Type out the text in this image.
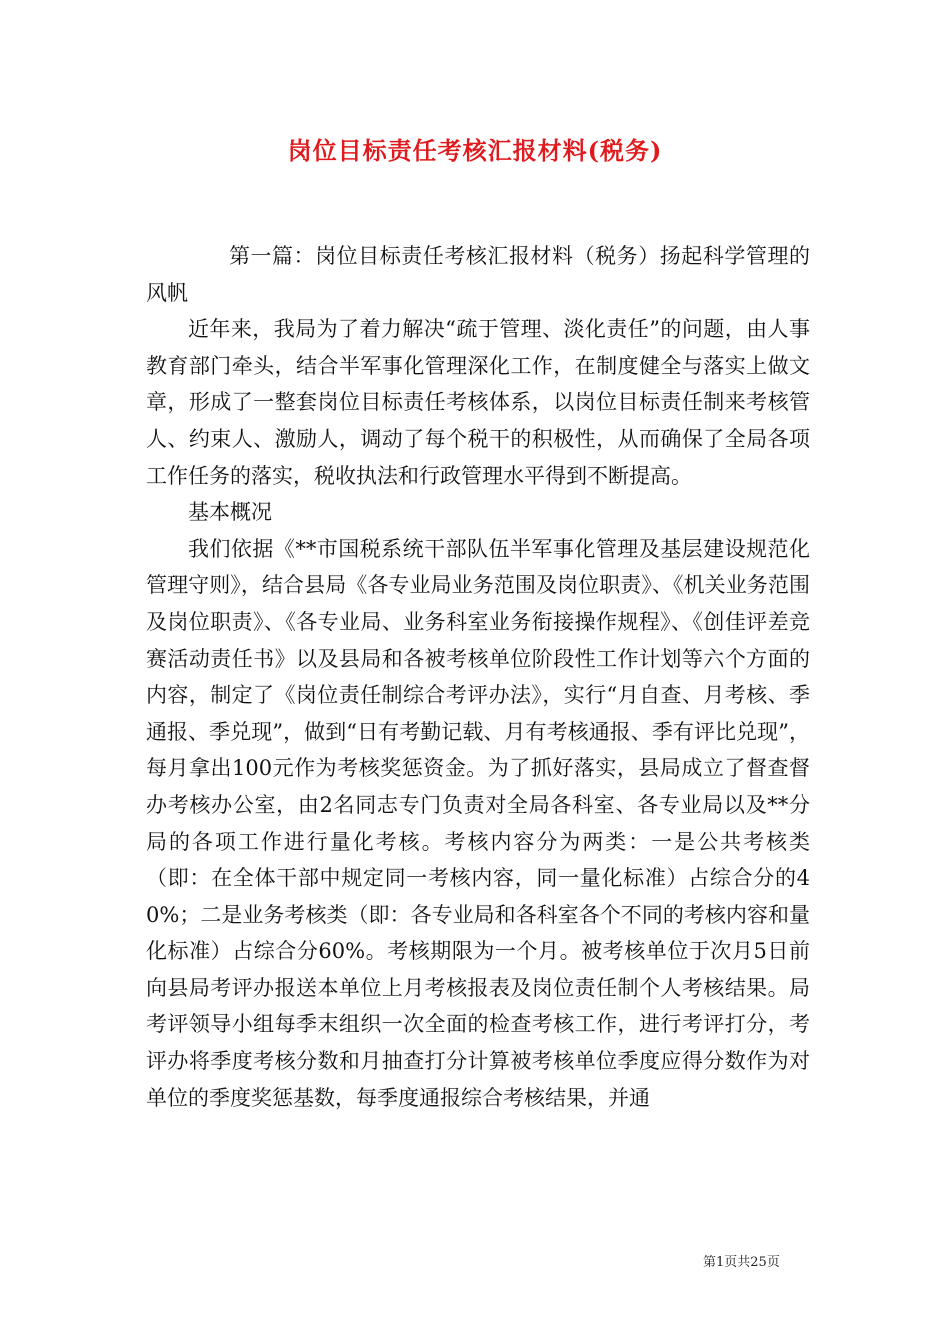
岗位目标责任考核汇报材料(税务)

第一篇：岗位目标责任考核汇报材料（税务）扬起科学管理的风帆

近年来，我局为了着力解决“疏于管理、淡化责任”的问题，由人事教育部门牵头，结合半军事化管理深化工作，在制度健全与落实上做文章，形成了一整套岗位目标责任考核体系，以岗位目标责任制来考核管人、约束人、激励人，调动了每个税干的积极性，从而确保了全局各项工作任务的落实，税收执法和行政管理水平得到不断提高。

基本概况

我们依据《**市国税系统干部队伍半军事化管理及基层建设规范化管理守则》，结合县局《各专业局业务范围及岗位职责》、《机关业务范围及岗位职责》、《各专业局、业务科室业务衔接操作规程》、《创佳评差竞赛活动责任书》以及县局和各被考核单位阶段性工作计划等六个方面的内容，制定了《岗位责任制综合考评办法》，实行“月自查、月考核、季通报、季兑现”，做到“日有考勤记载、月有考核通报、季有评比兑现”，每月拿出100元作为考核奖惩资金。为了抓好落实，县局成立了督查督办考核办公室，由2名同志专门负责对全局各科室、各专业局以及**分局的各项工作进行量化考核。考核内容分为两类：一是公共考核类（即：在全体干部中规定同一考核内容，同一量化标准）占综合分的40%；二是业务考核类（即：各专业局和各科室各个不同的考核内容和量化标准）占综合分60%。考核期限为一个月。被考核单位于次月5日前向县局考评办报送本单位上月考核报表及岗位责任制个人考核结果。局考评领导小组每季末组织一次全面的检查考核工作，进行考评打分，考评办将季度考核分数和月抽查打分计算被考核单位季度应得分数作为对单位的季度奖惩基数，每季度通报综合考核结果，并通

第1页共25页
